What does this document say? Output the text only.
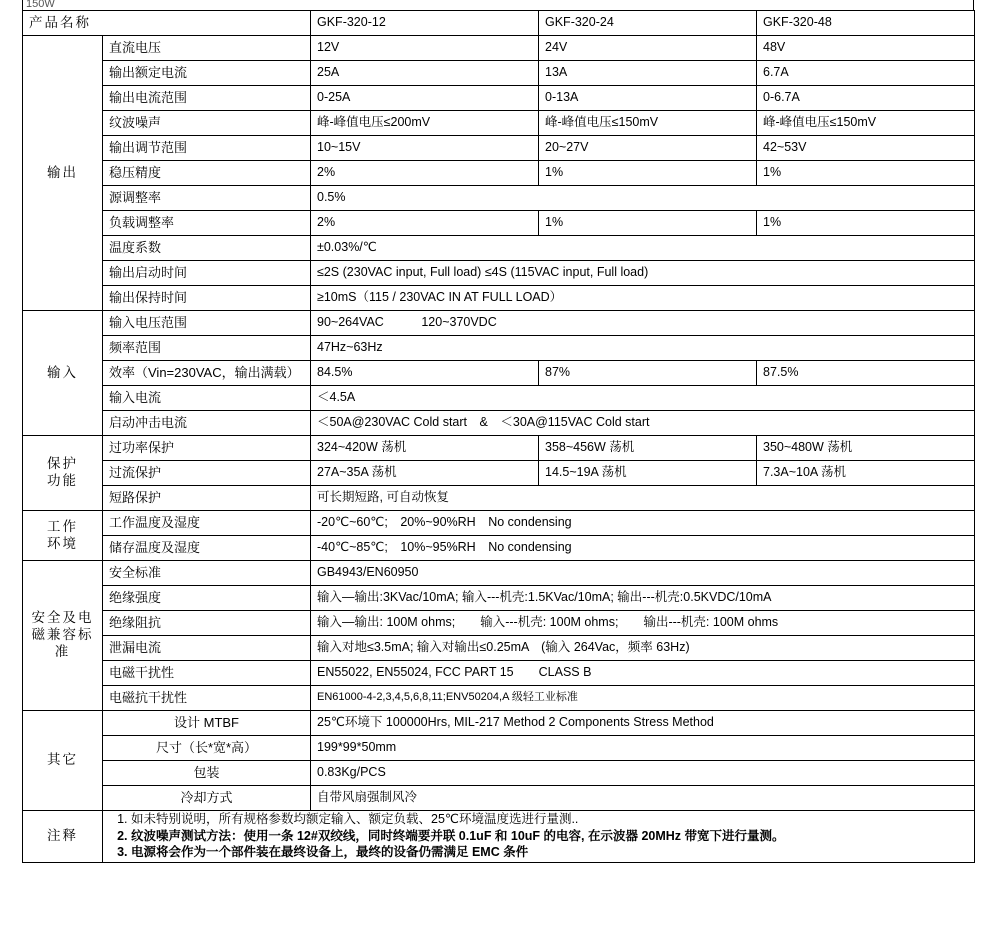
150W
产品名称		GKF-320-12	GKF-320-24	GKF-320-48
输出	直流电压	12V	24V	48V
	输出额定电流	25A	13A	6.7A
	输出电流范围	0-25A	0-13A	0-6.7A
	纹波噪声	峰-峰值电压≤200mV	峰-峰值电压≤150mV	峰-峰值电压≤150mV
	输出调节范围	10~15V	20~27V	42~53V
	稳压精度	2%	1%	1%
	源调整率	0.5%		
	负载调整率	2%	1%	1%
	温度系数	±0.03%/℃		
	输出启动时间	≤2S (230VAC input, Full load) ≤4S (115VAC input, Full load)		
	输出保持时间	≥10mS（115 / 230VAC IN AT FULL LOAD）		
输入	输入电压范围	90~264VAC　　　120~370VDC		
	频率范围	47Hz~63Hz		
	效率（Vin=230VAC，输出满载）	84.5%	87%	87.5%
	输入电流	＜4.5A		
	启动冲击电流	＜50A@230VAC Cold start　&　＜30A@115VAC Cold start		

保护
功能	过功率保护	324~420W 荡机	358~456W 荡机	350~480W 荡机
	过流保护	27A~35A 荡机	14.5~19A 荡机	7.3A~10A 荡机
	短路保护	可长期短路, 可自动恢复		

工作
环境	工作温度及湿度	-20℃~60℃;　20%~90%RH　No condensing		
	储存温度及湿度	-40℃~85℃;　10%~95%RH　No condensing		

安全及电
磁兼容标
准	安全标准	GB4943/EN60950		
	绝缘强度	输入—输出:3KVac/10mA; 输入---机壳:1.5KVac/10mA; 输出---机壳:0.5KVDC/10mA		
	绝缘阻抗	输入—输出: 100M ohms;　　输入---机壳: 100M ohms;　　输出---机壳: 100M ohms		
	泄漏电流	输入对地≤3.5mA; 输入对输出≤0.25mA　(输入 264Vac，频率 63Hz)		
	电磁干扰性	EN55022, EN55024, FCC PART 15　　CLASS B		
	电磁抗干扰性	EN61000-4-2,3,4,5,6,8,11;ENV50204,A 级轻工业标准		
其它	设计 MTBF	25℃环境下 100000Hrs, MIL-217 Method 2 Components Stress Method		
	尺寸（长*宽*高）	199*99*50mm		
	包装	0.83Kg/PCS		
	冷却方式	自带风扇强制风冷		
注释	
1. 如未特别说明，所有规格参数均额定输入、额定负载、25℃环境温度选进行量测..
2. 纹波噪声测试方法：使用一条 12#双绞线，同时终端要并联 0.1uF 和 10uF 的电容, 在示波器 20MHz 带宽下进行量测。
3. 电源将会作为一个部件装在最终设备上，最终的设备仍需满足 EMC 条件
